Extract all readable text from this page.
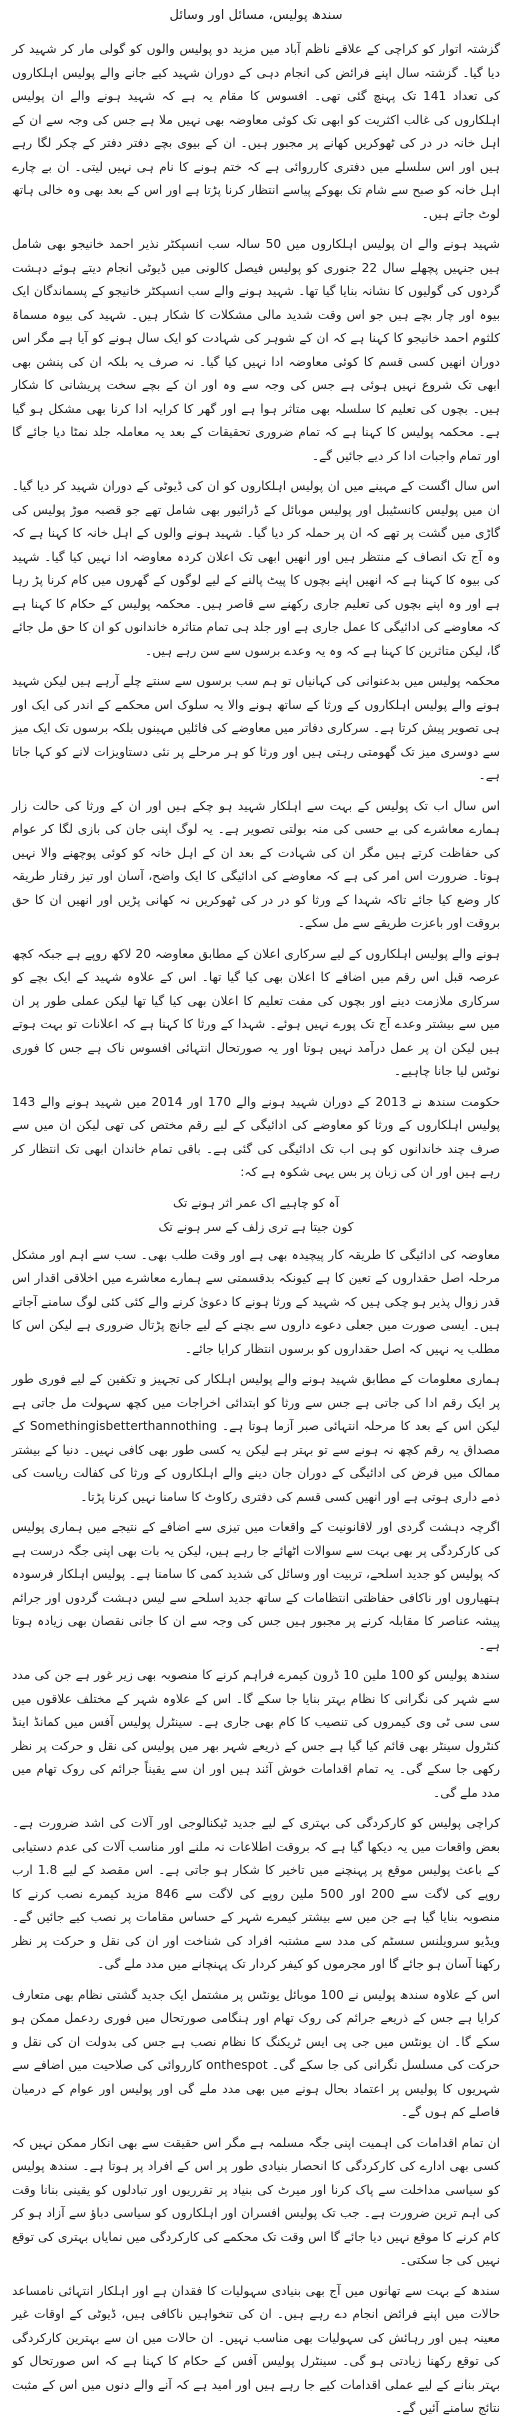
سندھ پولیس، مسائل اور وسائل

گزشتہ اتوار کو کراچی کے علاقے ناظم آباد میں مزید دو پولیس والوں کو گولی مار کر شہید کر دیا گیا۔ گزشتہ سال اپنے فرائض کی انجام دہی کے دوران شہید کیے جانے والے پولیس اہلکاروں کی تعداد 141 تک پہنچ گئی تھی۔ افسوس کا مقام یہ ہے کہ شہید ہونے والے ان پولیس اہلکاروں کی غالب اکثریت کو ابھی تک کوئی معاوضہ بھی نہیں ملا ہے جس کی وجہ سے ان کے اہل خانہ در در کی ٹھوکریں کھانے پر مجبور ہیں۔ ان کے بیوی بچے دفتر دفتر کے چکر لگا رہے ہیں اور اس سلسلے میں دفتری کارروائی ہے کہ ختم ہونے کا نام ہی نہیں لیتی۔ ان بے چارے اہل خانہ کو صبح سے شام تک بھوکے پیاسے انتظار کرنا پڑتا ہے اور اس کے بعد بھی وہ خالی ہاتھ لوٹ جاتے ہیں۔

شہید ہونے والے ان پولیس اہلکاروں میں 50 سالہ سب انسپکٹر نذیر احمد خانیجو بھی شامل ہیں جنہیں پچھلے سال 22 جنوری کو پولیس فیصل کالونی میں ڈیوٹی انجام دیتے ہوئے دہشت گردوں کی گولیوں کا نشانہ بنایا گیا تھا۔ شہید ہونے والے سب انسپکٹر خانیجو کے پسماندگان ایک بیوہ اور چار بچے ہیں جو اس وقت شدید مالی مشکلات کا شکار ہیں۔ شہید کی بیوہ مسماۃ کلثوم احمد خانیجو کا کہنا ہے کہ ان کے شوہر کی شہادت کو ایک سال ہونے کو آیا ہے مگر اس دوران انھیں کسی قسم کا کوئی معاوضہ ادا نہیں کیا گیا۔ نہ صرف یہ بلکہ ان کی پنشن بھی ابھی تک شروع نہیں ہوئی ہے جس کی وجہ سے وہ اور ان کے بچے سخت پریشانی کا شکار ہیں۔ بچوں کی تعلیم کا سلسلہ بھی متاثر ہوا ہے اور گھر کا کرایہ ادا کرنا بھی مشکل ہو گیا ہے۔ محکمہ پولیس کا کہنا ہے کہ تمام ضروری تحقیقات کے بعد یہ معاملہ جلد نمٹا دیا جائے گا اور تمام واجبات ادا کر دیے جائیں گے۔

اس سال اگست کے مہینے میں ان پولیس اہلکاروں کو ان کی ڈیوٹی کے دوران شہید کر دیا گیا۔ ان میں پولیس کانسٹیبل اور پولیس موبائل کے ڈرائیور بھی شامل تھے جو قصبہ موڑ پولیس کی گاڑی میں گشت پر تھے کہ ان پر حملہ کر دیا گیا۔ شہید ہونے والوں کے اہل خانہ کا کہنا ہے کہ وہ آج تک انصاف کے منتظر ہیں اور انھیں ابھی تک اعلان کردہ معاوضہ ادا نہیں کیا گیا۔ شہید کی بیوہ کا کہنا ہے کہ انھیں اپنے بچوں کا پیٹ پالنے کے لیے لوگوں کے گھروں میں کام کرنا پڑ رہا ہے اور وہ اپنے بچوں کی تعلیم جاری رکھنے سے قاصر ہیں۔ محکمہ پولیس کے حکام کا کہنا ہے کہ معاوضے کی ادائیگی کا عمل جاری ہے اور جلد ہی تمام متاثرہ خاندانوں کو ان کا حق مل جائے گا، لیکن متاثرین کا کہنا ہے کہ وہ یہ وعدے برسوں سے سن رہے ہیں۔

محکمہ پولیس میں بدعنوانی کی کہانیاں تو ہم سب برسوں سے سنتے چلے آرہے ہیں لیکن شہید ہونے والے پولیس اہلکاروں کے ورثا کے ساتھ ہونے والا یہ سلوک اس محکمے کے اندر کی ایک اور ہی تصویر پیش کرتا ہے۔ سرکاری دفاتر میں معاوضے کی فائلیں مہینوں بلکہ برسوں تک ایک میز سے دوسری میز تک گھومتی رہتی ہیں اور ورثا کو ہر مرحلے پر نئی دستاویزات لانے کو کہا جاتا ہے۔

اس سال اب تک پولیس کے بہت سے اہلکار شہید ہو چکے ہیں اور ان کے ورثا کی حالت زار ہمارے معاشرے کی بے حسی کی منہ بولتی تصویر ہے۔ یہ لوگ اپنی جان کی بازی لگا کر عوام کی حفاظت کرتے ہیں مگر ان کی شہادت کے بعد ان کے اہل خانہ کو کوئی پوچھنے والا نہیں ہوتا۔ ضرورت اس امر کی ہے کہ معاوضے کی ادائیگی کا ایک واضح، آسان اور تیز رفتار طریقہ کار وضع کیا جائے تاکہ شہدا کے ورثا کو در در کی ٹھوکریں نہ کھانی پڑیں اور انھیں ان کا حق بروقت اور باعزت طریقے سے مل سکے۔

ہونے والے پولیس اہلکاروں کے لیے سرکاری اعلان کے مطابق معاوضہ 20 لاکھ روپے ہے جبکہ کچھ عرصہ قبل اس رقم میں اضافے کا اعلان بھی کیا گیا تھا۔ اس کے علاوہ شہید کے ایک بچے کو سرکاری ملازمت دینے اور بچوں کی مفت تعلیم کا اعلان بھی کیا گیا تھا لیکن عملی طور پر ان میں سے بیشتر وعدے آج تک پورے نہیں ہوئے۔ شہدا کے ورثا کا کہنا ہے کہ اعلانات تو بہت ہوتے ہیں لیکن ان پر عمل درآمد نہیں ہوتا اور یہ صورتحال انتہائی افسوس ناک ہے جس کا فوری نوٹس لیا جانا چاہیے۔

حکومت سندھ نے 2013 کے دوران شہید ہونے والے 170 اور 2014 میں شہید ہونے والے 143 پولیس اہلکاروں کے ورثا کو معاوضے کی ادائیگی کے لیے رقم مختص کی تھی لیکن ان میں سے صرف چند خاندانوں کو ہی اب تک ادائیگی کی گئی ہے۔ باقی تمام خاندان ابھی تک انتظار کر رہے ہیں اور ان کی زبان پر بس یہی شکوہ ہے کہ:

آہ کو چاہیے اک عمر اثر ہونے تک

کون جیتا ہے تری زلف کے سر ہونے تک

معاوضہ کی ادائیگی کا طریقہ کار پیچیدہ بھی ہے اور وقت طلب بھی۔ سب سے اہم اور مشکل مرحلہ اصل حقداروں کے تعین کا ہے کیونکہ بدقسمتی سے ہمارے معاشرے میں اخلاقی اقدار اس قدر زوال پذیر ہو چکی ہیں کہ شہید کے ورثا ہونے کا دعویٰ کرنے والے کئی کئی لوگ سامنے آجاتے ہیں۔ ایسی صورت میں جعلی دعوے داروں سے بچنے کے لیے جانچ پڑتال ضروری ہے لیکن اس کا مطلب یہ نہیں کہ اصل حقداروں کو برسوں انتظار کرایا جائے۔

ہماری معلومات کے مطابق شہید ہونے والے پولیس اہلکار کی تجہیز و تکفین کے لیے فوری طور پر ایک رقم ادا کی جاتی ہے جس سے ورثا کو ابتدائی اخراجات میں کچھ سہولت مل جاتی ہے لیکن اس کے بعد کا مرحلہ انتہائی صبر آزما ہوتا ہے۔ Somethingisbetterthannothing کے مصداق یہ رقم کچھ نہ ہونے سے تو بہتر ہے لیکن یہ کسی طور بھی کافی نہیں۔ دنیا کے بیشتر ممالک میں فرض کی ادائیگی کے دوران جان دینے والے اہلکاروں کے ورثا کی کفالت ریاست کی ذمے داری ہوتی ہے اور انھیں کسی قسم کی دفتری رکاوٹ کا سامنا نہیں کرنا پڑتا۔

اگرچہ دہشت گردی اور لاقانونیت کے واقعات میں تیزی سے اضافے کے نتیجے میں ہماری پولیس کی کارکردگی پر بھی بہت سے سوالات اٹھائے جا رہے ہیں، لیکن یہ بات بھی اپنی جگہ درست ہے کہ پولیس کو جدید اسلحے، تربیت اور وسائل کی شدید کمی کا سامنا ہے۔ پولیس اہلکار فرسودہ ہتھیاروں اور ناکافی حفاظتی انتظامات کے ساتھ جدید اسلحے سے لیس دہشت گردوں اور جرائم پیشہ عناصر کا مقابلہ کرنے پر مجبور ہیں جس کی وجہ سے ان کا جانی نقصان بھی زیادہ ہوتا ہے۔

سندھ پولیس کو 100 ملین 10 ڈرون کیمرے فراہم کرنے کا منصوبہ بھی زیر غور ہے جن کی مدد سے شہر کی نگرانی کا نظام بہتر بنایا جا سکے گا۔ اس کے علاوہ شہر کے مختلف علاقوں میں سی سی ٹی وی کیمروں کی تنصیب کا کام بھی جاری ہے۔ سینٹرل پولیس آفس میں کمانڈ اینڈ کنٹرول سینٹر بھی قائم کیا گیا ہے جس کے ذریعے شہر بھر میں پولیس کی نقل و حرکت پر نظر رکھی جا سکے گی۔ یہ تمام اقدامات خوش آئند ہیں اور ان سے یقیناً جرائم کی روک تھام میں مدد ملے گی۔

کراچی پولیس کو کارکردگی کی بہتری کے لیے جدید ٹیکنالوجی اور آلات کی اشد ضرورت ہے۔ بعض واقعات میں یہ دیکھا گیا ہے کہ بروقت اطلاعات نہ ملنے اور مناسب آلات کی عدم دستیابی کے باعث پولیس موقع پر پہنچنے میں تاخیر کا شکار ہو جاتی ہے۔ اس مقصد کے لیے 1.8 ارب روپے کی لاگت سے 200 اور 500 ملین روپے کی لاگت سے 846 مزید کیمرے نصب کرنے کا منصوبہ بنایا گیا ہے جن میں سے بیشتر کیمرے شہر کے حساس مقامات پر نصب کیے جائیں گے۔ ویڈیو سرویلنس سسٹم کی مدد سے مشتبہ افراد کی شناخت اور ان کی نقل و حرکت پر نظر رکھنا آسان ہو جائے گا اور مجرموں کو کیفر کردار تک پہنچانے میں مدد ملے گی۔

اس کے علاوہ سندھ پولیس نے 100 موبائل یونٹس پر مشتمل ایک جدید گشتی نظام بھی متعارف کرایا ہے جس کے ذریعے جرائم کی روک تھام اور ہنگامی صورتحال میں فوری ردعمل ممکن ہو سکے گا۔ ان یونٹس میں جی پی ایس ٹریکنگ کا نظام نصب ہے جس کی بدولت ان کی نقل و حرکت کی مسلسل نگرانی کی جا سکے گی۔ onthespot کارروائی کی صلاحیت میں اضافے سے شہریوں کا پولیس پر اعتماد بحال ہونے میں بھی مدد ملے گی اور پولیس اور عوام کے درمیان فاصلے کم ہوں گے۔

ان تمام اقدامات کی اہمیت اپنی جگہ مسلمہ ہے مگر اس حقیقت سے بھی انکار ممکن نہیں کہ کسی بھی ادارے کی کارکردگی کا انحصار بنیادی طور پر اس کے افراد پر ہوتا ہے۔ سندھ پولیس کو سیاسی مداخلت سے پاک کرنا اور میرٹ کی بنیاد پر تقرریوں اور تبادلوں کو یقینی بنانا وقت کی اہم ترین ضرورت ہے۔ جب تک پولیس افسران اور اہلکاروں کو سیاسی دباؤ سے آزاد ہو کر کام کرنے کا موقع نہیں دیا جائے گا اس وقت تک محکمے کی کارکردگی میں نمایاں بہتری کی توقع نہیں کی جا سکتی۔

سندھ کے بہت سے تھانوں میں آج بھی بنیادی سہولیات کا فقدان ہے اور اہلکار انتہائی نامساعد حالات میں اپنے فرائض انجام دے رہے ہیں۔ ان کی تنخواہیں ناکافی ہیں، ڈیوٹی کے اوقات غیر معینہ ہیں اور رہائش کی سہولیات بھی مناسب نہیں۔ ان حالات میں ان سے بہترین کارکردگی کی توقع رکھنا زیادتی ہو گی۔ سینٹرل پولیس آفس کے حکام کا کہنا ہے کہ اس صورتحال کو بہتر بنانے کے لیے عملی اقدامات کیے جا رہے ہیں اور امید ہے کہ آنے والے دنوں میں اس کے مثبت نتائج سامنے آئیں گے۔
